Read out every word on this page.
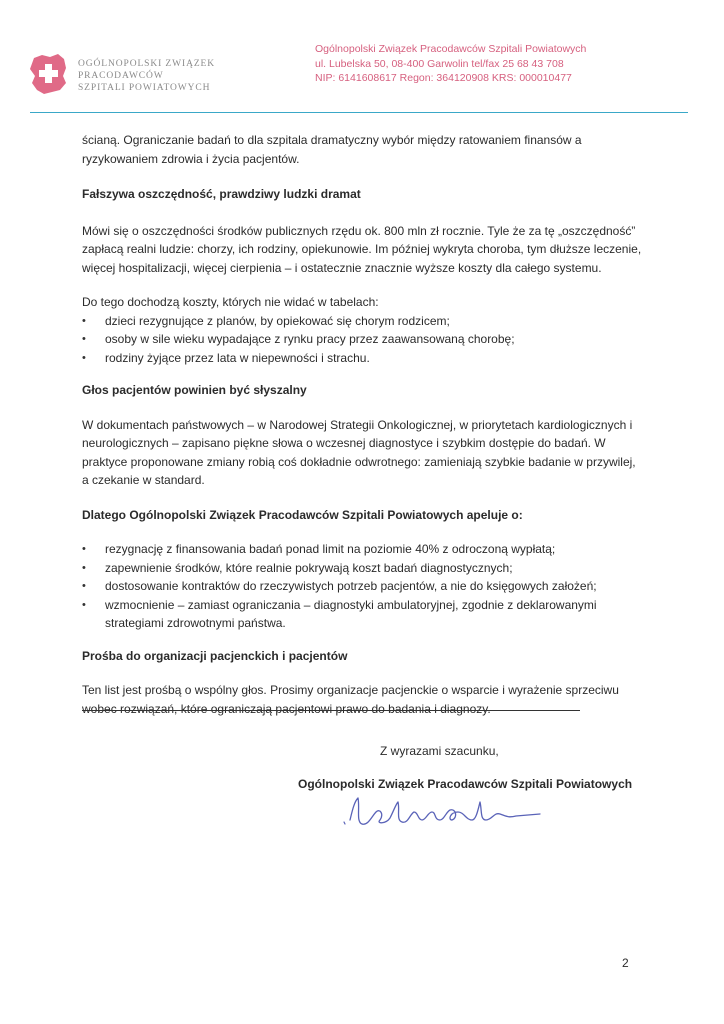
OGÓLNOPOLSKI ZWIĄZEK
PRACODAWCÓW
SZPITALI POWIATOWYCH
Ogólnopolski Związek Pracodawców Szpitali Powiatowych
ul. Lubelska 50, 08-400 Garwolin tel/fax 25 68 43 708
NIP: 6141608617 Regon: 364120908 KRS: 000010477

ścianą. Ograniczanie badań to dla szpitala dramatyczny wybór między ratowaniem finansów a ryzykowaniem zdrowia i życia pacjentów.

Fałszywa oszczędność, prawdziwy ludzki dramat

Mówi się o oszczędności środków publicznych rzędu ok. 800 mln zł rocznie. Tyle że za tę „oszczędność” zapłacą realni ludzie: chorzy, ich rodziny, opiekunowie. Im później wykryta choroba, tym dłuższe leczenie, więcej hospitalizacji, więcej cierpienia – i ostatecznie znacznie wyższe koszty dla całego systemu.

Do tego dochodzą koszty, których nie widać w tabelach:

• dzieci rezygnujące z planów, by opiekować się chorym rodzicem;
• osoby w sile wieku wypadające z rynku pracy przez zaawansowaną chorobę;
• rodziny żyjące przez lata w niepewności i strachu.
Głos pacjentów powinien być słyszalny

W dokumentach państwowych – w Narodowej Strategii Onkologicznej, w priorytetach kardiologicznych i neurologicznych – zapisano piękne słowa o wczesnej diagnostyce i szybkim dostępie do badań. W praktyce proponowane zmiany robią coś dokładnie odwrotnego: zamieniają szybkie badanie w przywilej, a czekanie w standard.

Dlatego Ogólnopolski Związek Pracodawców Szpitali Powiatowych apeluje o:
• rezygnację z finansowania badań ponad limit na poziomie 40% z odroczoną wypłatą;
• zapewnienie środków, które realnie pokrywają koszt badań diagnostycznych;
• dostosowanie kontraktów do rzeczywistych potrzeb pacjentów, a nie do księgowych założeń;
• wzmocnienie – zamiast ograniczania – diagnostyki ambulatoryjnej, zgodnie z deklarowanymi strategiami zdrowotnymi państwa.
Prośba do organizacji pacjenckich i pacjentów

Ten list jest prośbą o wspólny głos. Prosimy organizacje pacjenckie o wsparcie i wyrażenie sprzeciwu wobec rozwiązań, które ograniczają pacjentowi prawo do badania i diagnozy.

Z wyrazami szacunku,
Ogólnopolski Związek Pracodawców Szpitali Powiatowych
2
